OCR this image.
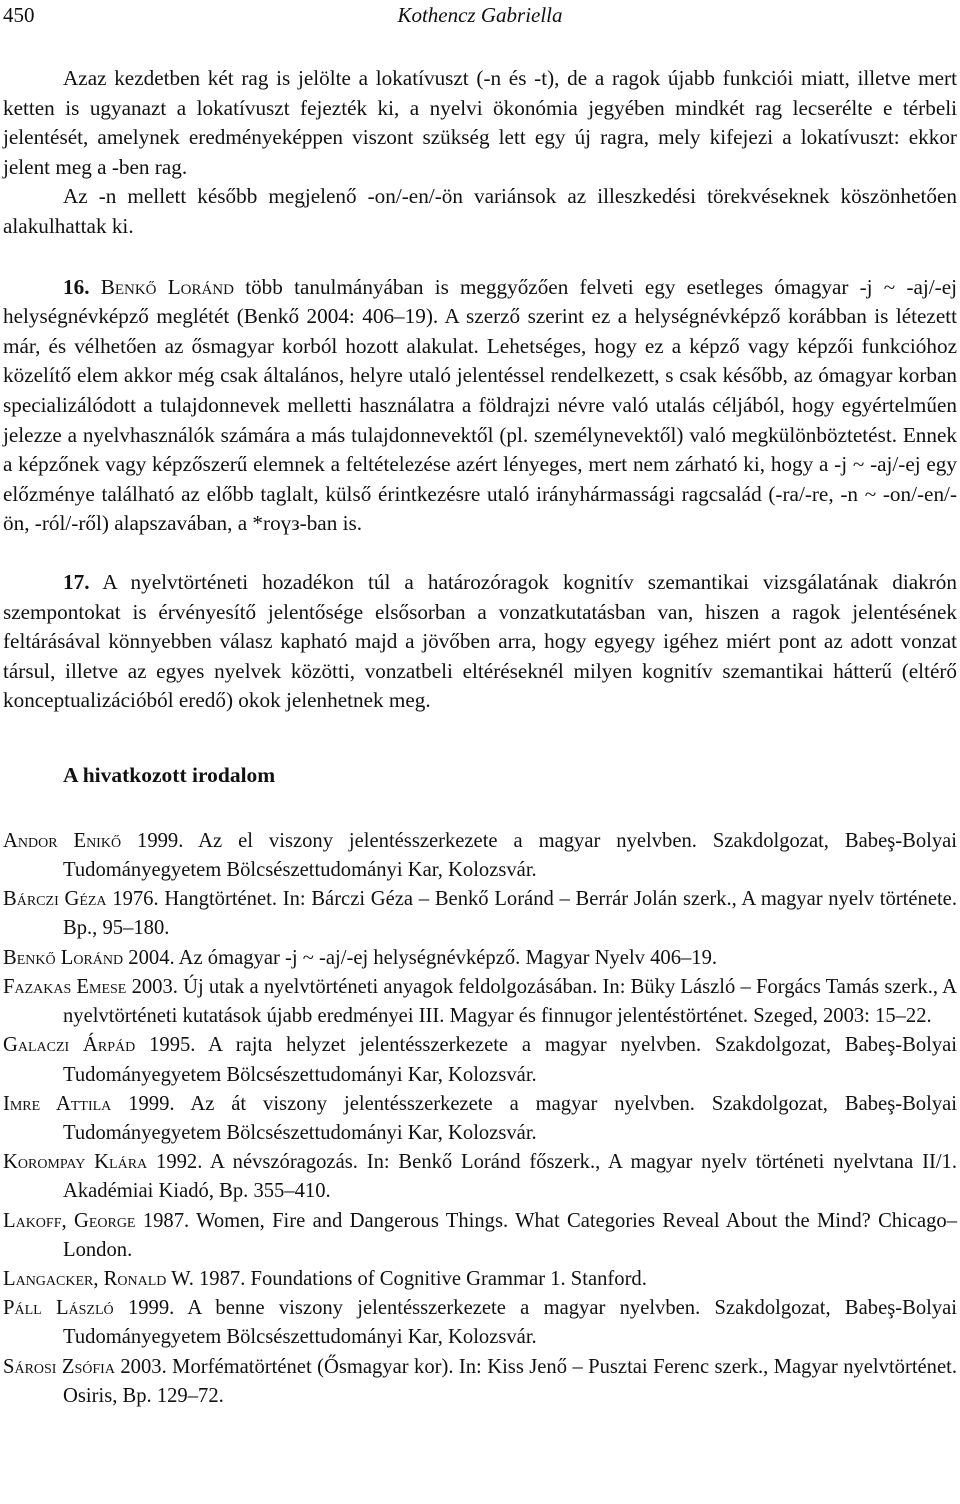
450	Kothencz Gabriella

Azaz kezdetben két rag is jelölte a lokatívuszt (-n és -t), de a ragok újabb funkciói miatt, illetve mert ketten is ugyanazt a lokatívuszt fejezték ki, a nyelvi ökonómia jegyében mindkét rag lecserélte e térbeli jelentését, amelynek eredményeképpen viszont szükség lett egy új ragra, mely kifejezi a lokatívuszt: ekkor jelent meg a -ben rag.

Az -n mellett később megjelenő -on/-en/-ön variánsok az illeszkedési törekvéseknek köszönhetően alakulhattak ki.

16. Benkő Loránd több tanulmányában is meggyőzően felveti egy esetleges ómagyar -j ~ -aj/-ej helységnévképző meglétét (Benkő 2004: 406–19). A szerző szerint ez a helységnévképző korábban is létezett már, és vélhetően az ősmagyar korból hozott alakulat. Lehetséges, hogy ez a képző vagy képzői funkcióhoz közelítő elem akkor még csak általános, helyre utaló jelentéssel rendelkezett, s csak később, az ómagyar korban specializálódott a tulajdonnevek melletti használatra a földrajzi névre való utalás céljából, hogy egyértelműen jelezze a nyelvhasználók számára a más tulajdonnevektől (pl. személynevektől) való megkülönböztetést. Ennek a képzőnek vagy képzőszerű elemnek a feltételezése azért lényeges, mert nem zárható ki, hogy a -j ~ -aj/-ej egy előzménye található az előbb taglalt, külső érintkezésre utaló irányhármassági ragcsalád (-ra/-re, -n ~ -on/-en/-ön, -ról/-ről) alapszavában, a *roүз-ban is.

17. A nyelvtörténeti hozadékon túl a határozóragok kognitív szemantikai vizsgálatának diakrón szempontokat is érvényesítő jelentősége elsősorban a vonzatkutatásban van, hiszen a ragok jelentésének feltárásával könnyebben válasz kapható majd a jövőben arra, hogy egyegy igéhez miért pont az adott vonzat társul, illetve az egyes nyelvek közötti, vonzatbeli eltéréseknél milyen kognitív szemantikai hátterű (eltérő konceptualizációból eredő) okok jelenhetnek meg.

A hivatkozott irodalom

Andor Enikő 1999. Az el viszony jelentésszerkezete a magyar nyelvben. Szakdolgozat, Babeş-Bolyai Tudományegyetem Bölcsészettudományi Kar, Kolozsvár.

Bárczi Géza 1976. Hangtörténet. In: Bárczi Géza – Benkő Loránd – Berrár Jolán szerk., A magyar nyelv története. Bp., 95–180.

Benkő Loránd 2004. Az ómagyar -j ~ -aj/-ej helységnévképző. Magyar Nyelv 406–19.

Fazakas Emese 2003. Új utak a nyelvtörténeti anyagok feldolgozásában. In: Büky László – Forgács Tamás szerk., A nyelvtörténeti kutatások újabb eredményei III. Magyar és finnugor jelentéstörténet. Szeged, 2003: 15–22.

Galaczi Árpád 1995. A rajta helyzet jelentésszerkezete a magyar nyelvben. Szakdolgozat, Babeş-Bolyai Tudományegyetem Bölcsészettudományi Kar, Kolozsvár.

Imre Attila 1999. Az át viszony jelentésszerkezete a magyar nyelvben. Szakdolgozat, Babeş-Bolyai Tudományegyetem Bölcsészettudományi Kar, Kolozsvár.

Korompay Klára 1992. A névszóragozás. In: Benkő Loránd főszerk., A magyar nyelv történeti nyelvtana II/1. Akadémiai Kiadó, Bp. 355–410.

Lakoff, George 1987. Women, Fire and Dangerous Things. What Categories Reveal About the Mind? Chicago–London.

Langacker, Ronald W. 1987. Foundations of Cognitive Grammar 1. Stanford.

Páll László 1999. A benne viszony jelentésszerkezete a magyar nyelvben. Szakdolgozat, Babeş-Bolyai Tudományegyetem Bölcsészettudományi Kar, Kolozsvár.

Sárosi Zsófia 2003. Morfématörténet (Ősmagyar kor). In: Kiss Jenő – Pusztai Ferenc szerk., Magyar nyelvtörténet. Osiris, Bp. 129–72.
